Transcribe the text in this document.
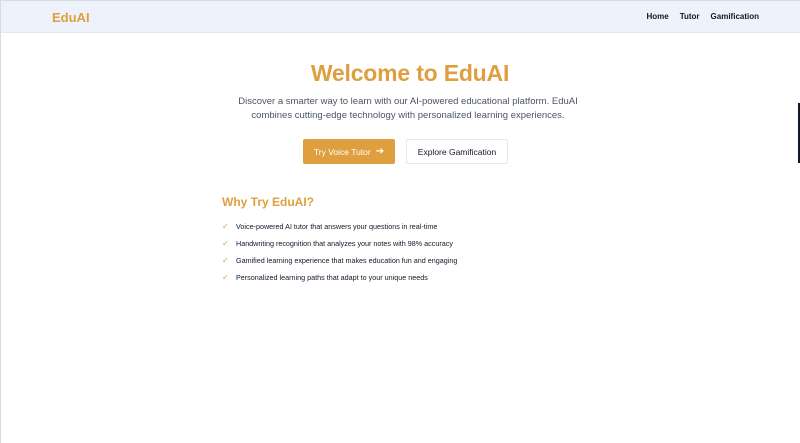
EduAI	Home Tutor Gamification
Welcome to EduAI

Discover a smarter way to learn with our AI-powered educational platform. EduAI
combines cutting-edge technology with personalized learning experiences.

Try Voice Tutor ➔	Explore Gamification
Why Try EduAI?
✓	Voice-powered AI tutor that answers your questions in real-time
✓	Handwriting recognition that analyzes your notes with 98% accuracy
✓	Gamified learning experience that makes education fun and engaging
✓	Personalized learning paths that adapt to your unique needs
